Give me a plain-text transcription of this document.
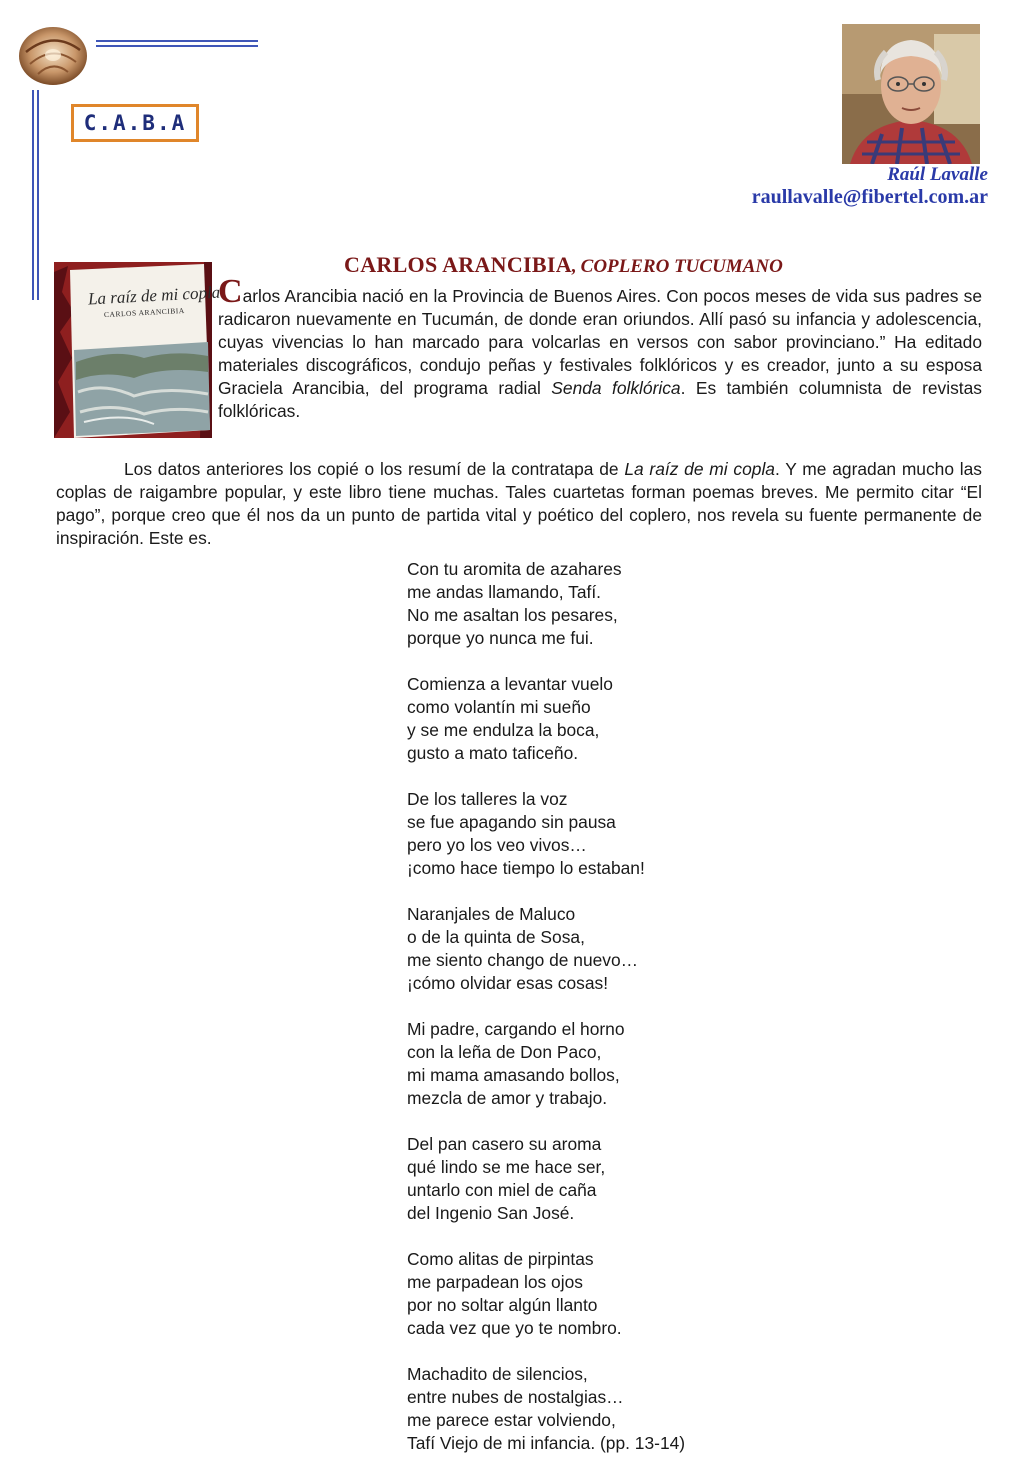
C.A.B.A
Raúl Lavalle
raullavalle@fibertel.com.ar
CARLOS ARANCIBIA, COPLERO TUCUMANO
La raíz de mi copla
CARLOS ARANCIBIA

Carlos Arancibia nació en la Provincia de Buenos Aires. Con pocos meses de vida sus padres se radicaron nuevamente en Tucumán, de donde eran oriundos. Allí pasó su infancia y adolescencia, cuyas vivencias lo han marcado para volcarlas en versos con sabor provinciano.” Ha editado materiales discográficos, condujo peñas y festivales folklóricos y es creador, junto a su esposa Graciela Arancibia, del programa radial Senda folklórica. Es también columnista de revistas folklóricas.

Los datos anteriores los copié o los resumí de la contratapa de La raíz de mi copla. Y me agradan mucho las coplas de raigambre popular, y este libro tiene muchas. Tales cuartetas forman poemas breves. Me permito citar “El pago”, porque creo que él nos da un punto de partida vital y poético del coplero, nos revela su fuente permanente de inspiración. Este es.

Con tu aromita de azahares
me andas llamando, Tafí.
No me asaltan los pesares,
porque yo nunca me fui.

Comienza a levantar vuelo
como volantín mi sueño
y se me endulza la boca,
gusto a mato taficeño.

De los talleres la voz
se fue apagando sin pausa
pero yo los veo vivos…
¡como hace tiempo lo estaban!

Naranjales de Maluco
o de la quinta de Sosa,
me siento chango de nuevo…
¡cómo olvidar esas cosas!

Mi padre, cargando el horno
con la leña de Don Paco,
mi mama amasando bollos,
mezcla de amor y trabajo.

Del pan casero su aroma
qué lindo se me hace ser,
untarlo con miel de caña
del Ingenio San José.

Como alitas de pirpintas
me parpadean los ojos
por no soltar algún llanto
cada vez que yo te nombro.

Machadito de silencios,
entre nubes de nostalgias…
me parece estar volviendo,
Tafí Viejo de mi infancia. (pp. 13-14)
